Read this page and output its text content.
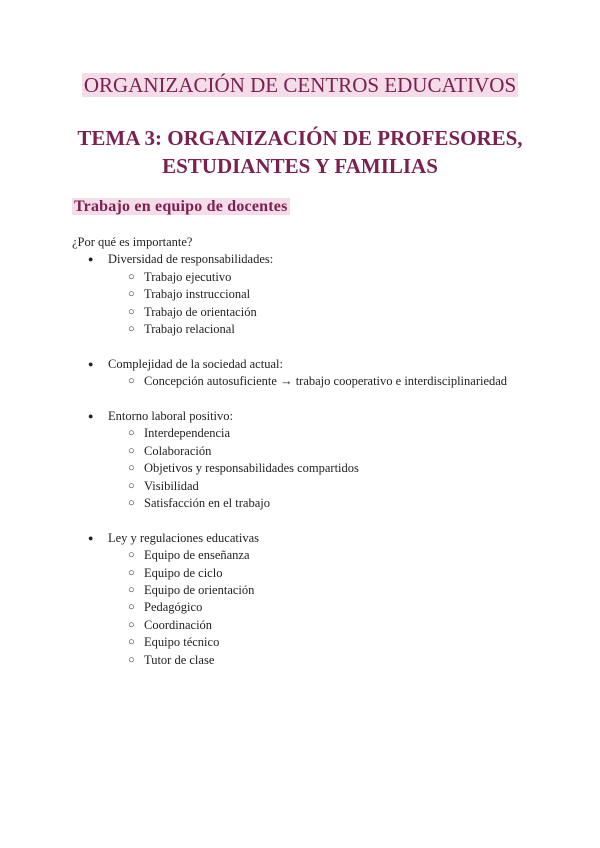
ORGANIZACIÓN DE CENTROS EDUCATIVOS
TEMA 3: ORGANIZACIÓN DE PROFESORES,
ESTUDIANTES Y FAMILIAS
Trabajo en equipo de docentes

¿Por qué es importante?

● Diversidad de responsabilidades:
○ Trabajo ejecutivo
○ Trabajo instruccional
○ Trabajo de orientación
○ Trabajo relacional
● Complejidad de la sociedad actual:
○ Concepción autosuficiente → trabajo cooperativo e interdisciplinariedad
● Entorno laboral positivo:
○ Interdependencia
○ Colaboración
○ Objetivos y responsabilidades compartidos
○ Visibilidad
○ Satisfacción en el trabajo
● Ley y regulaciones educativas
○ Equipo de enseñanza
○ Equipo de ciclo
○ Equipo de orientación
○ Pedagógico
○ Coordinación
○ Equipo técnico
○ Tutor de clase
